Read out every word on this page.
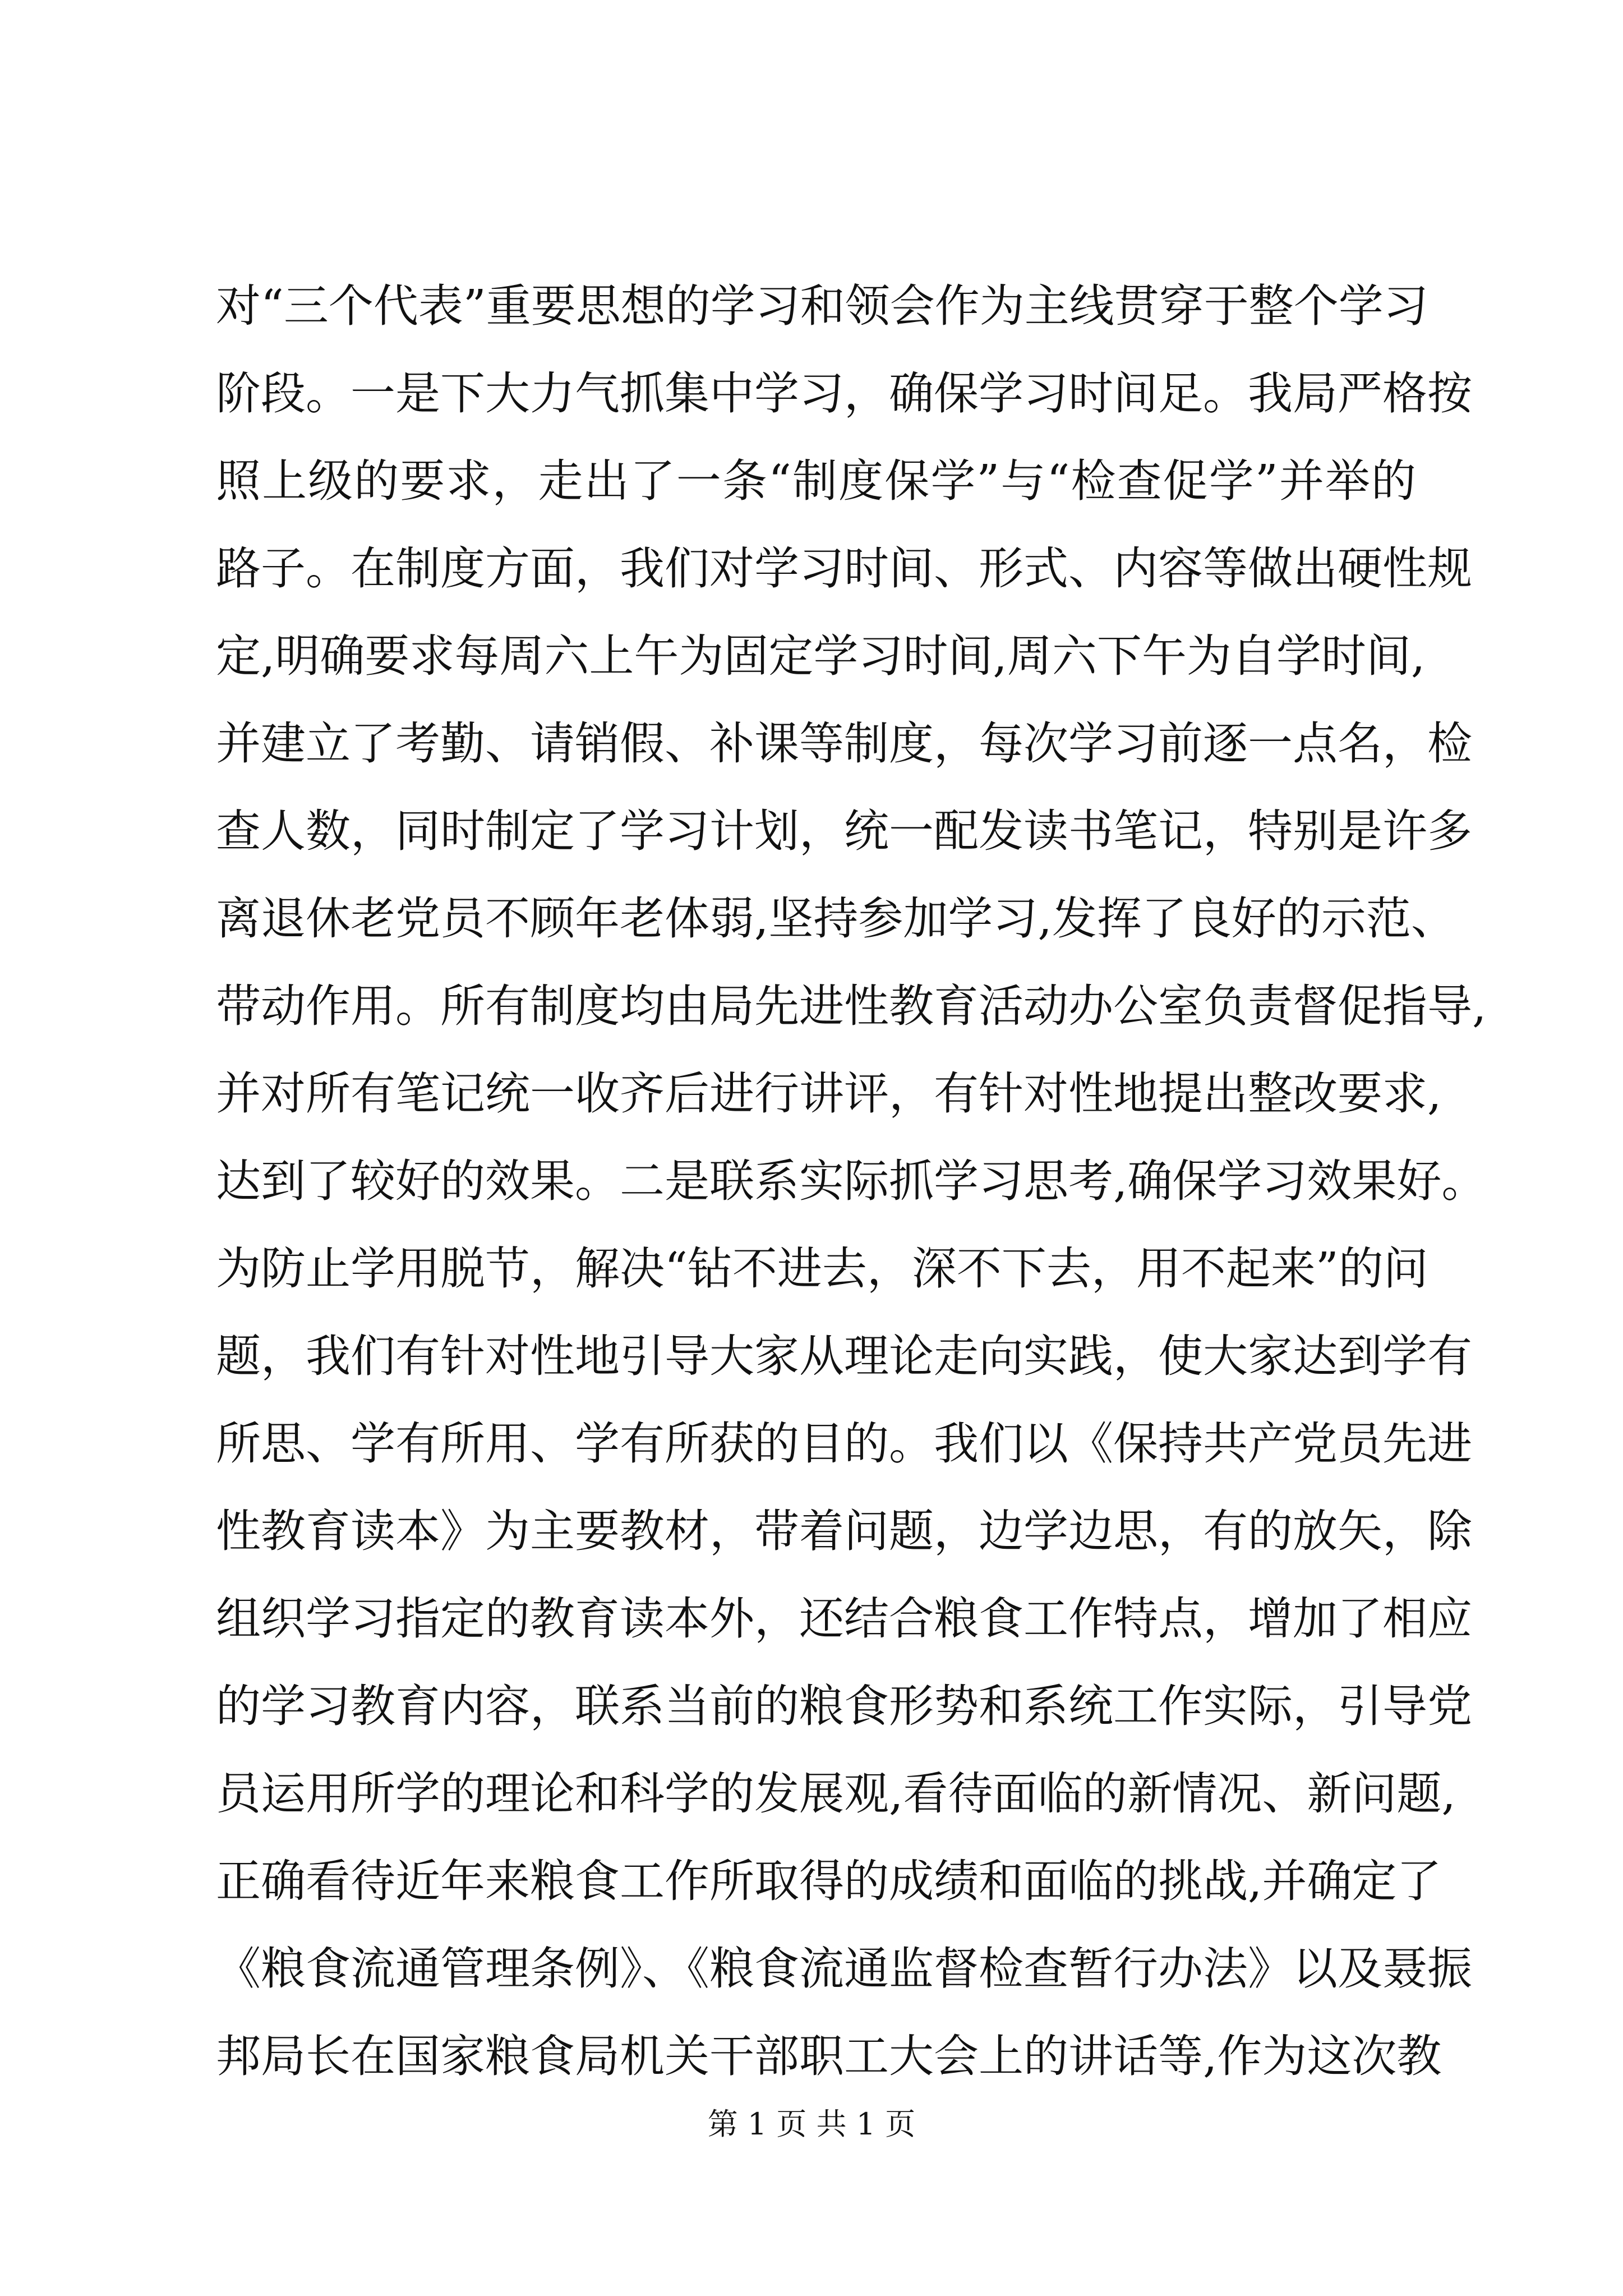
对“三个代表”重要思想的学习和领会作为主线贯穿于整个学习
阶段。一是下大力气抓集中学习，确保学习时间足。我局严格按
照上级的要求，走出了一条“制度保学”与“检查促学”并举的
路子。在制度方面，我们对学习时间、形式、内容等做出硬性规
定,明确要求每周六上午为固定学习时间,周六下午为自学时间,
并建立了考勤、请销假、补课等制度，每次学习前逐一点名，检
查人数，同时制定了学习计划，统一配发读书笔记，特别是许多
离退休老党员不顾年老体弱,坚持参加学习,发挥了良好的示范、
带动作用。所有制度均由局先进性教育活动办公室负责督促指导,
并对所有笔记统一收齐后进行讲评，有针对性地提出整改要求,
达到了较好的效果。二是联系实际抓学习思考,确保学习效果好。
为防止学用脱节，解决“钻不进去，深不下去，用不起来”的问
题，我们有针对性地引导大家从理论走向实践，使大家达到学有
所思、学有所用、学有所获的目的。我们以《保持共产党员先进
性教育读本》为主要教材，带着问题，边学边思，有的放矢，除
组织学习指定的教育读本外，还结合粮食工作特点，增加了相应
的学习教育内容，联系当前的粮食形势和系统工作实际，引导党
员运用所学的理论和科学的发展观,看待面临的新情况、新问题,
正确看待近年来粮食工作所取得的成绩和面临的挑战,并确定了
《粮食流通管理条例》、《粮食流通监督检查暂行办法》以及聂振
邦局长在国家粮食局机关干部职工大会上的讲话等,作为这次教
第 1 页 共 1 页
